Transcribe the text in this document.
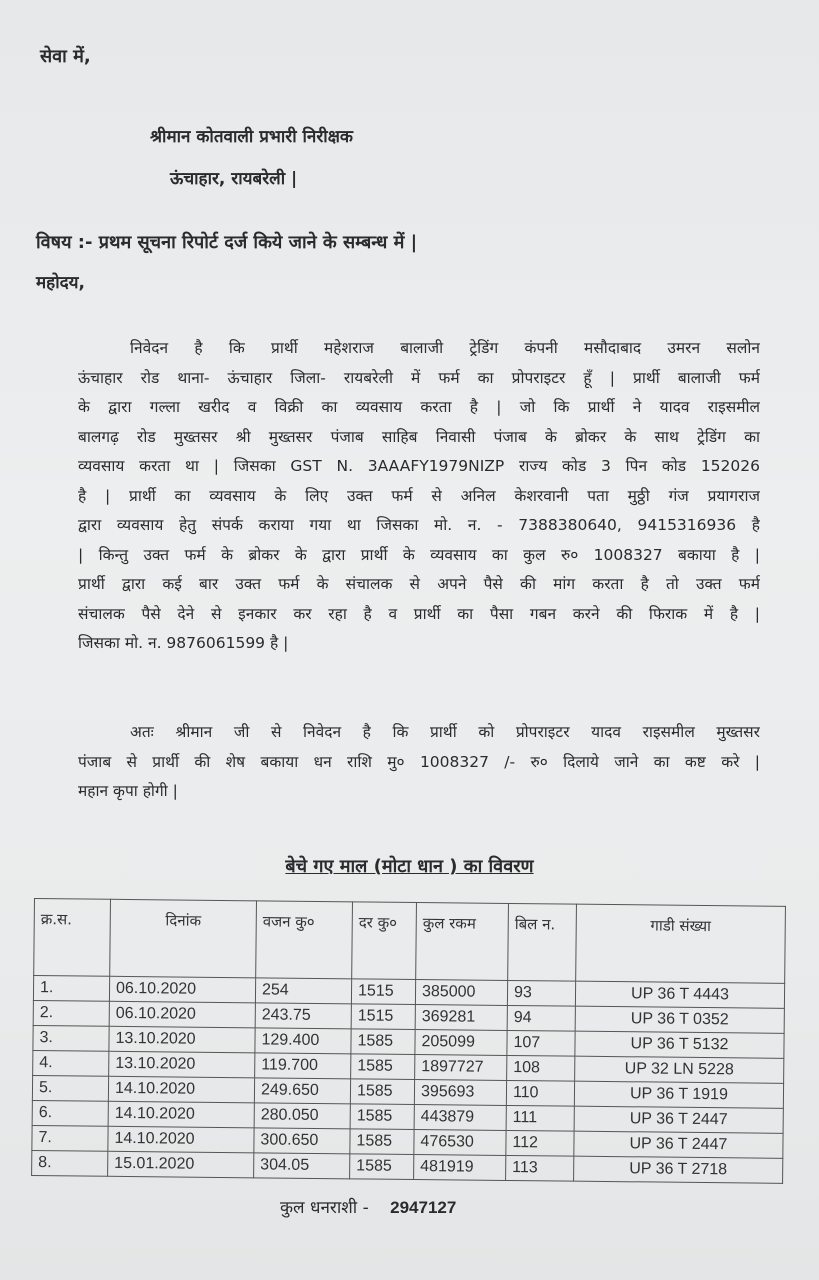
सेवा में,
श्रीमान कोतवाली प्रभारी निरीक्षक
ऊंचाहार, रायबरेली |
विषय :- प्रथम सूचना रिपोर्ट दर्ज किये जाने के सम्बन्ध में |
महोदय,
निवेदन है कि प्रार्थी महेशराज बालाजी ट्रेडिंग कंपनी मसौदाबाद उमरन सलोन
ऊंचाहार रोड थाना- ऊंचाहार जिला- रायबरेली में फर्म का प्रोपराइटर हूँ | प्रार्थी बालाजी फर्म
के द्वारा गल्ला खरीद व विक्री का व्यवसाय करता है | जो कि प्रार्थी ने यादव राइसमील
बालगढ़ रोड मुख्तसर श्री मुख्तसर पंजाब साहिब निवासी पंजाब के ब्रोकर के साथ ट्रेडिंग का
व्यवसाय करता था | जिसका GST N. 3AAAFY1979NIZP राज्य कोड 3 पिन कोड 152026
है | प्रार्थी का व्यवसाय के लिए उक्त फर्म से अनिल केशरवानी पता मुठ्ठी गंज प्रयागराज
द्वारा व्यवसाय हेतु संपर्क कराया गया था जिसका मो. न. - 7388380640, 9415316936 है
| किन्तु उक्त फर्म के ब्रोकर के द्वारा प्रार्थी के व्यवसाय का कुल रु० 1008327 बकाया है |
प्रार्थी द्वारा कई बार उक्त फर्म के संचालक से अपने पैसे की मांग करता है तो उक्त फर्म
संचालक पैसे देने से इनकार कर रहा है व प्रार्थी का पैसा गबन करने की फिराक में है |
जिसका मो. न. 9876061599 है |
अतः श्रीमान जी से निवेदन है कि प्रार्थी को प्रोपराइटर यादव राइसमील मुख्तसर
पंजाब से प्रार्थी की शेष बकाया धन राशि मु० 1008327 /- रु० दिलाये जाने का कष्ट करे |
महान कृपा होगी |
बेचे गए माल (मोटा धान ) का विवरण
क्र.स.	दिनांक	वजन कु०	दर कु०	कुल रकम	बिल न.	गाडी संख्या
1.	06.10.2020	254	1515	385000	93	UP 36 T 4443
2.	06.10.2020	243.75	1515	369281	94	UP 36 T 0352
3.	13.10.2020	129.400	1585	205099	107	UP 36 T 5132
4.	13.10.2020	119.700	1585	1897727	108	UP 32 LN 5228
5.	14.10.2020	249.650	1585	395693	110	UP 36 T 1919
6.	14.10.2020	280.050	1585	443879	111	UP 36 T 2447
7.	14.10.2020	300.650	1585	476530	112	UP 36 T 2447
8.	15.01.2020	304.05	1585	481919	113	UP 36 T 2718
कुल धनराशी - 2947127
